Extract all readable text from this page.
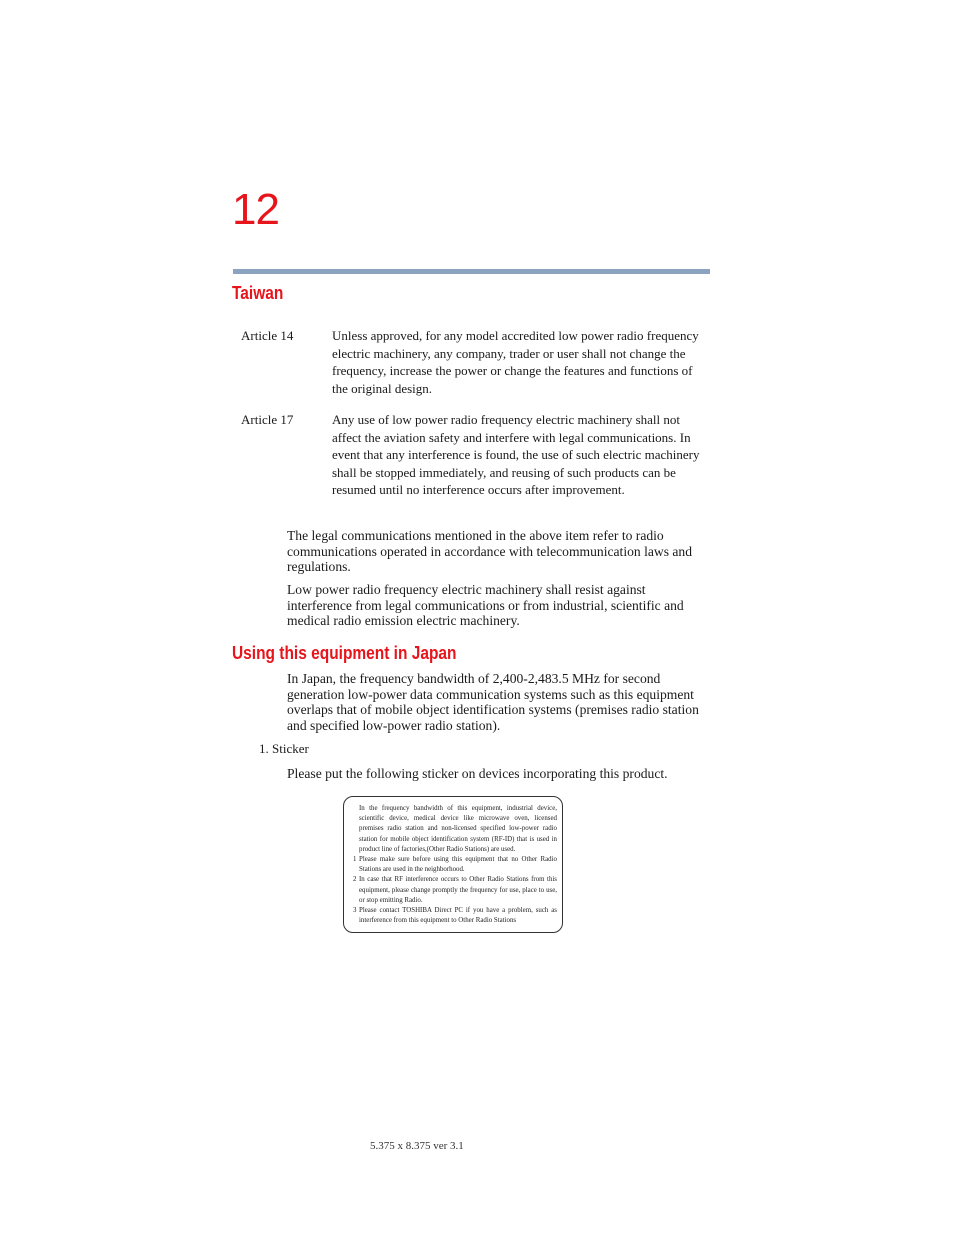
12
Taiwan
Article 14	Unless approved, for any model accredited low power radio frequency electric machinery, any company, trader or user shall not change the frequency, increase the power or change the features and functions of the original design.
Article 17	Any use of low power radio frequency electric machinery shall not affect the aviation safety and interfere with legal communications. In event that any interference is found, the use of such electric machinery shall be stopped immediately, and reusing of such products can be resumed until no interference occurs after improvement.
The legal communications mentioned in the above item refer to radio communications operated in accordance with telecommunication laws and regulations.
Low power radio frequency electric machinery shall resist against interference from legal communications or from industrial, scientific and medical radio emission electric machinery.
Using this equipment in Japan
In Japan, the frequency bandwidth of 2,400-2,483.5 MHz for second generation low-power data communication systems such as this equipment overlaps that of mobile object identification systems (premises radio station and specified low-power radio station).
1. Sticker
Please put the following sticker on devices incorporating this product.

In the frequency bandwidth of this equipment, industrial device, scientific device, medical device like microwave oven, licensed premises radio station and non-licensed specified low-power radio station for mobile object identification system (RF-ID) that is used in product line of factories,(Other Radio Stations) are used.

1 Please make sure before using this equipment that no Other Radio Stations are used in the neighborhood.
2 In case that RF interference occurs to Other Radio Stations from this equipment, please change promptly the frequency for use, place to use, or stop emitting Radio.
3 Please contact TOSHIBA Direct PC if you have a problem, such as interference from this equipment to Other Radio Stations
5.375 x 8.375 ver 3.1
